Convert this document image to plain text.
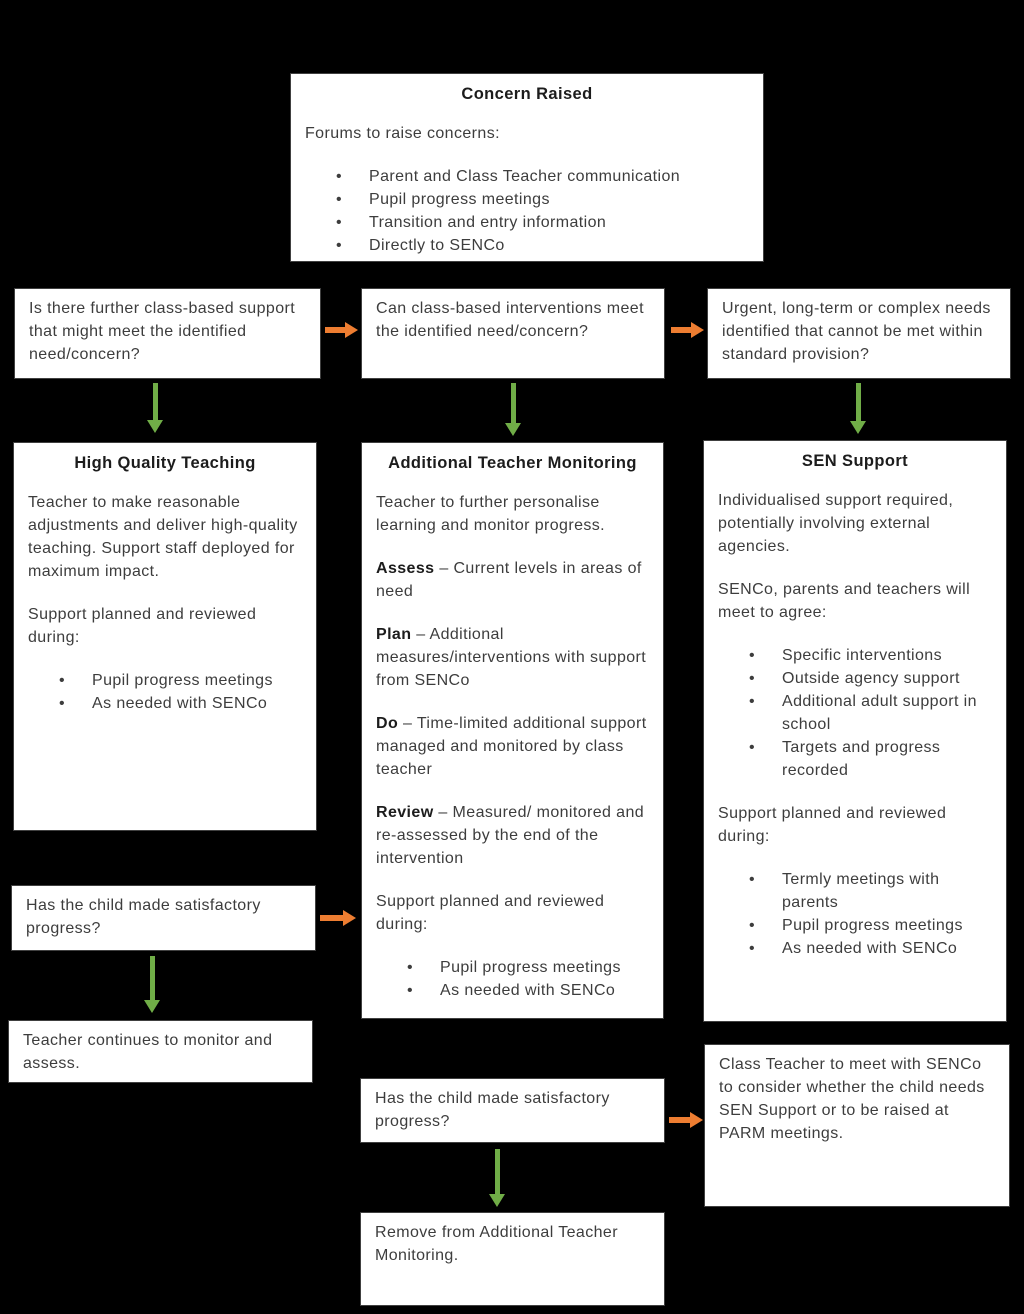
Concern Raised

Forums to raise concerns:

•	Parent and Class Teacher communication
•	Pupil progress meetings
•	Transition and entry information
•	Directly to SENCo

Is there further class-based support that might meet the identified need/concern?

Can class-based interventions meet the identified need/concern?

Urgent, long-term or complex needs identified that cannot be met within standard provision?

High Quality Teaching

Teacher to make reasonable adjustments and deliver high-quality teaching. Support staff deployed for maximum impact.

Support planned and reviewed during:

•	Pupil progress meetings
•	As needed with SENCo
Additional Teacher Monitoring

Teacher to further personalise learning and monitor progress.

Assess – Current levels in areas of need

Plan – Additional measures/interventions with support from SENCo

Do – Time-limited additional support managed and monitored by class teacher

Review – Measured/ monitored and re-assessed by the end of the intervention

Support planned and reviewed during:

•	Pupil progress meetings
•	As needed with SENCo
SEN Support

Individualised support required, potentially involving external agencies.

SENCo, parents and teachers will meet to agree:

•	Specific interventions
•	Outside agency support
•	Additional adult support in school
•	Targets and progress recorded

Support planned and reviewed during:

•	Termly meetings with parents
•	Pupil progress meetings
•	As needed with SENCo

Has the child made satisfactory progress?

Teacher continues to monitor and assess.

Has the child made satisfactory progress?

Class Teacher to meet with SENCo to consider whether the child needs SEN Support or to be raised at PARM meetings.

Remove from Additional Teacher Monitoring.
